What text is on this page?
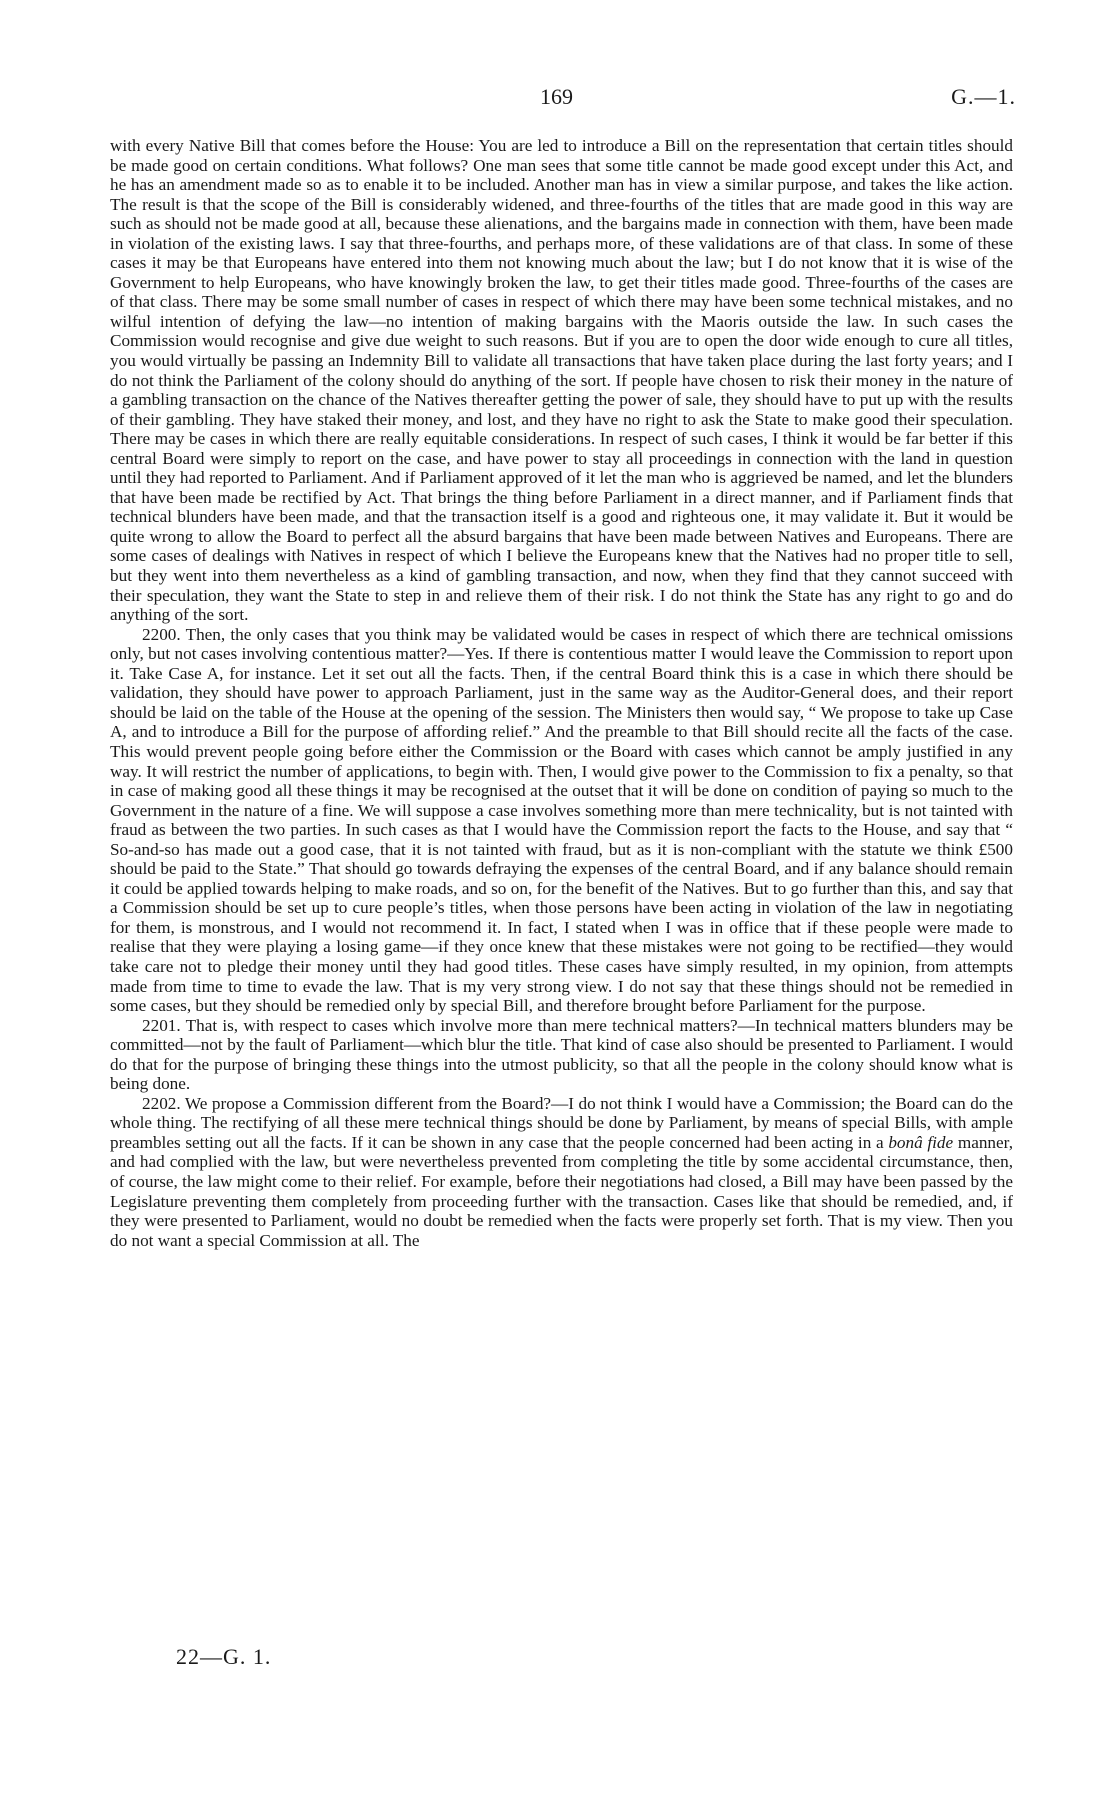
169	G.—1.

with every Native Bill that comes before the House: You are led to introduce a Bill on the representation that certain titles should be made good on certain conditions. What follows? One man sees that some title cannot be made good except under this Act, and he has an amendment made so as to enable it to be included. Another man has in view a similar purpose, and takes the like action. The result is that the scope of the Bill is considerably widened, and three-fourths of the titles that are made good in this way are such as should not be made good at all, because these alienations, and the bargains made in connection with them, have been made in violation of the existing laws. I say that three-fourths, and perhaps more, of these validations are of that class. In some of these cases it may be that Europeans have entered into them not knowing much about the law; but I do not know that it is wise of the Government to help Europeans, who have knowingly broken the law, to get their titles made good. Three-fourths of the cases are of that class. There may be some small number of cases in respect of which there may have been some technical mistakes, and no wilful intention of defying the law—no intention of making bargains with the Maoris outside the law. In such cases the Commission would recognise and give due weight to such reasons. But if you are to open the door wide enough to cure all titles, you would virtually be passing an Indemnity Bill to validate all transactions that have taken place during the last forty years; and I do not think the Parliament of the colony should do anything of the sort. If people have chosen to risk their money in the nature of a gambling transaction on the chance of the Natives thereafter getting the power of sale, they should have to put up with the results of their gambling. They have staked their money, and lost, and they have no right to ask the State to make good their speculation. There may be cases in which there are really equitable considerations. In respect of such cases, I think it would be far better if this central Board were simply to report on the case, and have power to stay all proceedings in connection with the land in question until they had reported to Parliament. And if Parliament approved of it let the man who is aggrieved be named, and let the blunders that have been made be rectified by Act. That brings the thing before Parliament in a direct manner, and if Parliament finds that technical blunders have been made, and that the transaction itself is a good and righteous one, it may validate it. But it would be quite wrong to allow the Board to perfect all the absurd bargains that have been made between Natives and Europeans. There are some cases of dealings with Natives in respect of which I believe the Europeans knew that the Natives had no proper title to sell, but they went into them nevertheless as a kind of gambling transaction, and now, when they find that they cannot succeed with their speculation, they want the State to step in and relieve them of their risk. I do not think the State has any right to go and do anything of the sort.

2200. Then, the only cases that you think may be validated would be cases in respect of which there are technical omissions only, but not cases involving contentious matter?—Yes. If there is contentious matter I would leave the Commission to report upon it. Take Case A, for instance. Let it set out all the facts. Then, if the central Board think this is a case in which there should be validation, they should have power to approach Parliament, just in the same way as the Auditor-General does, and their report should be laid on the table of the House at the opening of the session. The Ministers then would say, “ We propose to take up Case A, and to introduce a Bill for the purpose of affording relief.” And the preamble to that Bill should recite all the facts of the case. This would prevent people going before either the Commission or the Board with cases which cannot be amply justified in any way. It will restrict the number of applications, to begin with. Then, I would give power to the Commission to fix a penalty, so that in case of making good all these things it may be recognised at the outset that it will be done on condition of paying so much to the Government in the nature of a fine. We will suppose a case involves something more than mere technicality, but is not tainted with fraud as between the two parties. In such cases as that I would have the Commission report the facts to the House, and say that “ So-and-so has made out a good case, that it is not tainted with fraud, but as it is non-compliant with the statute we think £500 should be paid to the State.” That should go towards defraying the expenses of the central Board, and if any balance should remain it could be applied towards helping to make roads, and so on, for the benefit of the Natives. But to go further than this, and say that a Commission should be set up to cure people’s titles, when those persons have been acting in violation of the law in negotiating for them, is monstrous, and I would not recommend it. In fact, I stated when I was in office that if these people were made to realise that they were playing a losing game—if they once knew that these mistakes were not going to be rectified—they would take care not to pledge their money until they had good titles. These cases have simply resulted, in my opinion, from attempts made from time to time to evade the law. That is my very strong view. I do not say that these things should not be remedied in some cases, but they should be remedied only by special Bill, and therefore brought before Parliament for the purpose.

2201. That is, with respect to cases which involve more than mere technical matters?—In technical matters blunders may be committed—not by the fault of Parliament—which blur the title. That kind of case also should be presented to Parliament. I would do that for the purpose of bringing these things into the utmost publicity, so that all the people in the colony should know what is being done.

2202. We propose a Commission different from the Board?—I do not think I would have a Commission; the Board can do the whole thing. The rectifying of all these mere technical things should be done by Parliament, by means of special Bills, with ample preambles setting out all the facts. If it can be shown in any case that the people concerned had been acting in a bonâ fide manner, and had complied with the law, but were nevertheless prevented from completing the title by some accidental circumstance, then, of course, the law might come to their relief. For example, before their negotiations had closed, a Bill may have been passed by the Legislature preventing them completely from proceeding further with the transaction. Cases like that should be remedied, and, if they were presented to Parliament, would no doubt be remedied when the facts were properly set forth. That is my view. Then you do not want a special Commission at all. The

22—G. 1.
